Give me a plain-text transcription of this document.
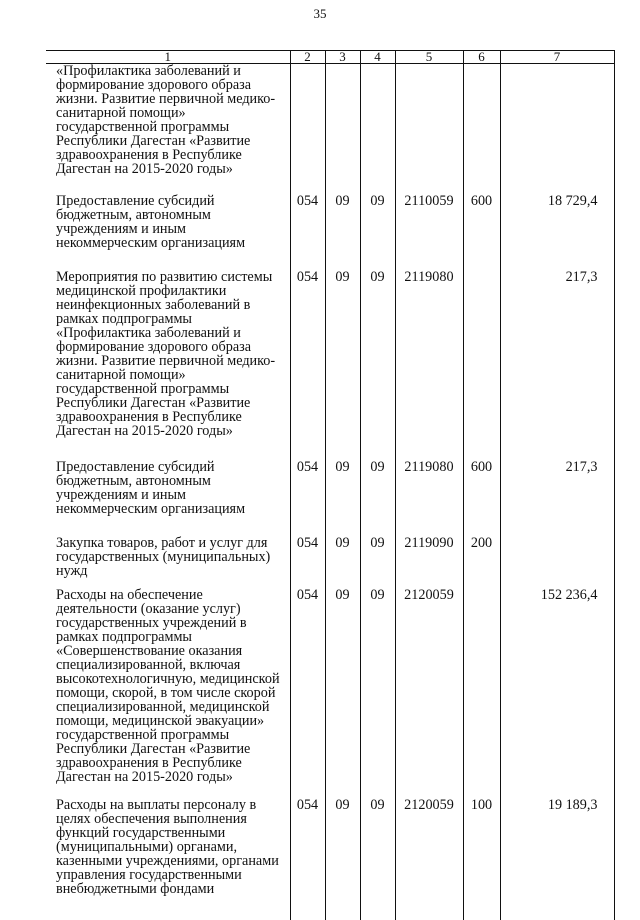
35
1	2	3	4	5	6	7
«Профилактика заболеваний и формирование здорового образа жизни. Развитие первичной медико-санитарной помощи» государственной программы Республики Дагестан «Развитие здравоохранения в Республике Дагестан на 2015-2020 годы»						
Предоставление субсидий бюджетным, автономным учреждениям и иным некоммерческим организациям	054	09	09	2110059	600	18 729,4
Мероприятия по развитию системы медицинской профилактики неинфекционных заболеваний в рамках подпрограммы «Профилактика заболеваний и формирование здорового образа жизни. Развитие первичной медико-санитарной помощи» государственной программы Республики Дагестан «Развитие здравоохранения в Республике Дагестан на 2015-2020 годы»	054	09	09	2119080		217,3
Предоставление субсидий бюджетным, автономным учреждениям и иным некоммерческим организациям	054	09	09	2119080	600	217,3
Закупка товаров, работ и услуг для государственных (муниципальных) нужд	054	09	09	2119090	200	
Расходы на обеспечение деятельности (оказание услуг) государственных учреждений в рамках подпрограммы «Совершенствование оказания специализированной, включая высокотехнологичную, медицинской помощи, скорой, в том числе скорой специализированной, медицинской помощи, медицинской эвакуации» государственной программы Республики Дагестан «Развитие здравоохранения в Республике Дагестан на 2015-2020 годы»	054	09	09	2120059		152 236,4
Расходы на выплаты персоналу в целях обеспечения выполнения функций государственными (муниципальными) органами, казенными учреждениями, органами управления государственными внебюджетными фондами	054	09	09	2120059	100	19 189,3
